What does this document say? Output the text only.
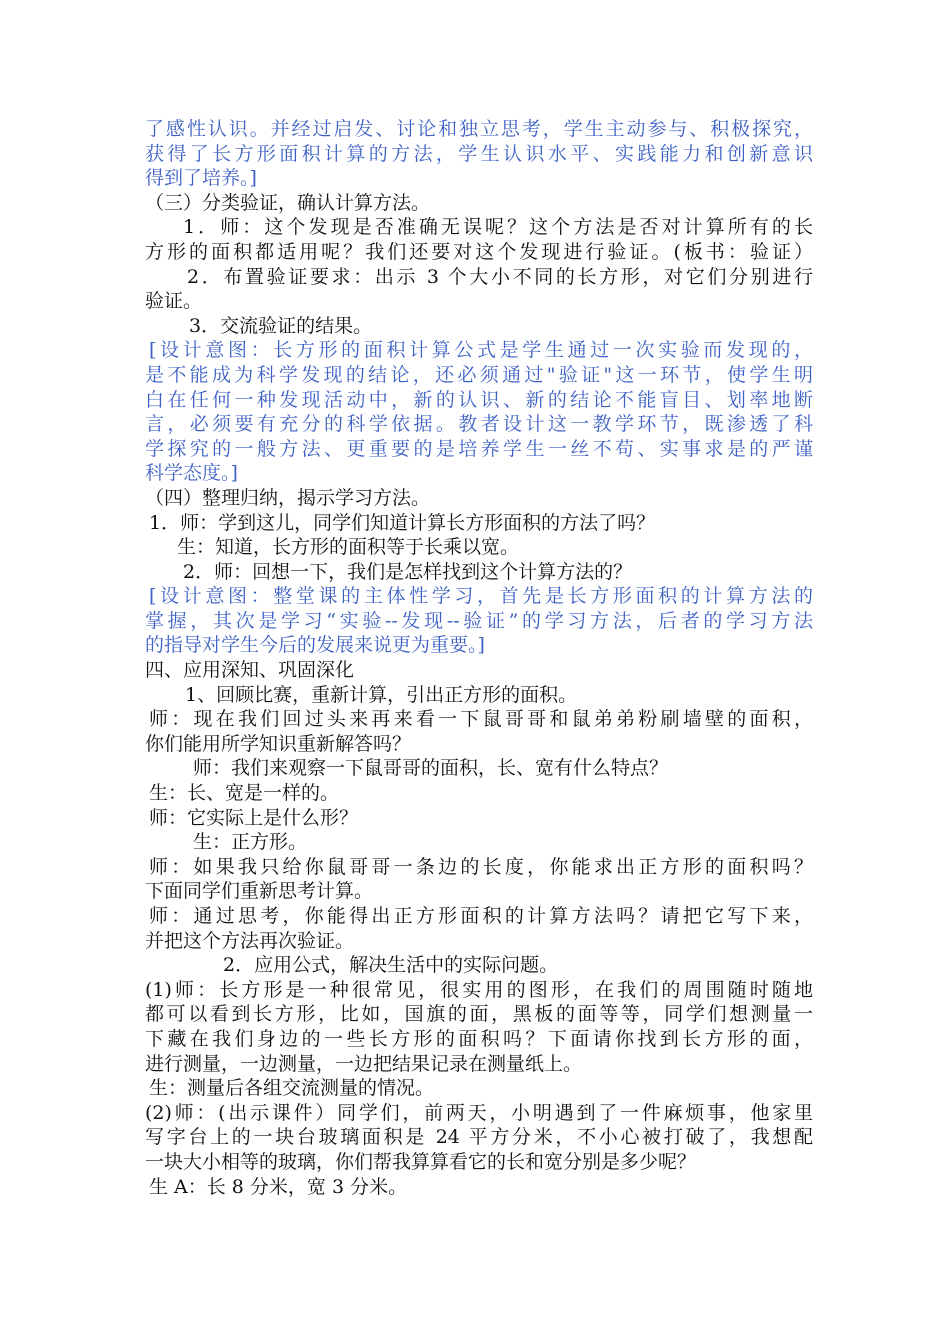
了感性认识。并经过启发、讨论和独立思考，学生主动参与、积极探究，
获得了长方形面积计算的方法，学生认识水平、实践能力和创新意识
得到了培养。]
（三）分类验证，确认计算方法。
1．师：这个发现是否准确无误呢？这个方法是否对计算所有的长
方形的面积都适用呢？我们还要对这个发现进行验证。(板书：验证）
2．布置验证要求：出示 3 个大小不同的长方形，对它们分别进行
验证。
3．交流验证的结果。
[设计意图：长方形的面积计算公式是学生通过一次实验而发现的，
是不能成为科学发现的结论，还必须通过"验证"这一环节，使学生明
白在任何一种发现活动中，新的认识、新的结论不能盲目、划率地断
言，必须要有充分的科学依据。教者设计这一教学环节，既渗透了科
学探究的一般方法、更重要的是培养学生一丝不苟、实事求是的严谨
科学态度。]
（四）整理归纳，揭示学习方法。
1．师：学到这儿，同学们知道计算长方形面积的方法了吗？
生：知道，长方形的面积等于长乘以宽。
2．师：回想一下，我们是怎样找到这个计算方法的？
[设计意图：整堂课的主体性学习，首先是长方形面积的计算方法的
掌握，其次是学习“实验--发现--验证”的学习方法，后者的学习方法
的指导对学生今后的发展来说更为重要。]
四、应用深知、巩固深化
1、回顾比赛，重新计算，引出正方形的面积。
师：现在我们回过头来再来看一下鼠哥哥和鼠弟弟粉刷墙壁的面积，
你们能用所学知识重新解答吗？
师：我们来观察一下鼠哥哥的面积，长、宽有什么特点？
生：长、宽是一样的。
师：它实际上是什么形？
生：正方形。
师：如果我只给你鼠哥哥一条边的长度，你能求出正方形的面积吗？
下面同学们重新思考计算。
师：通过思考，你能得出正方形面积的计算方法吗？请把它写下来，
并把这个方法再次验证。
2．应用公式，解决生活中的实际问题。
(1)师：长方形是一种很常见，很实用的图形，在我们的周围随时随地
都可以看到长方形，比如，国旗的面，黑板的面等等，同学们想测量一
下藏在我们身边的一些长方形的面积吗？下面请你找到长方形的面，
进行测量，一边测量，一边把结果记录在测量纸上。
生：测量后各组交流测量的情况。
(2)师：(出示课件）同学们，前两天，小明遇到了一件麻烦事，他家里
写字台上的一块台玻璃面积是 24 平方分米，不小心被打破了，我想配
一块大小相等的玻璃，你们帮我算算看它的长和宽分别是多少呢？
生 A：长 8 分米，宽 3 分米。
